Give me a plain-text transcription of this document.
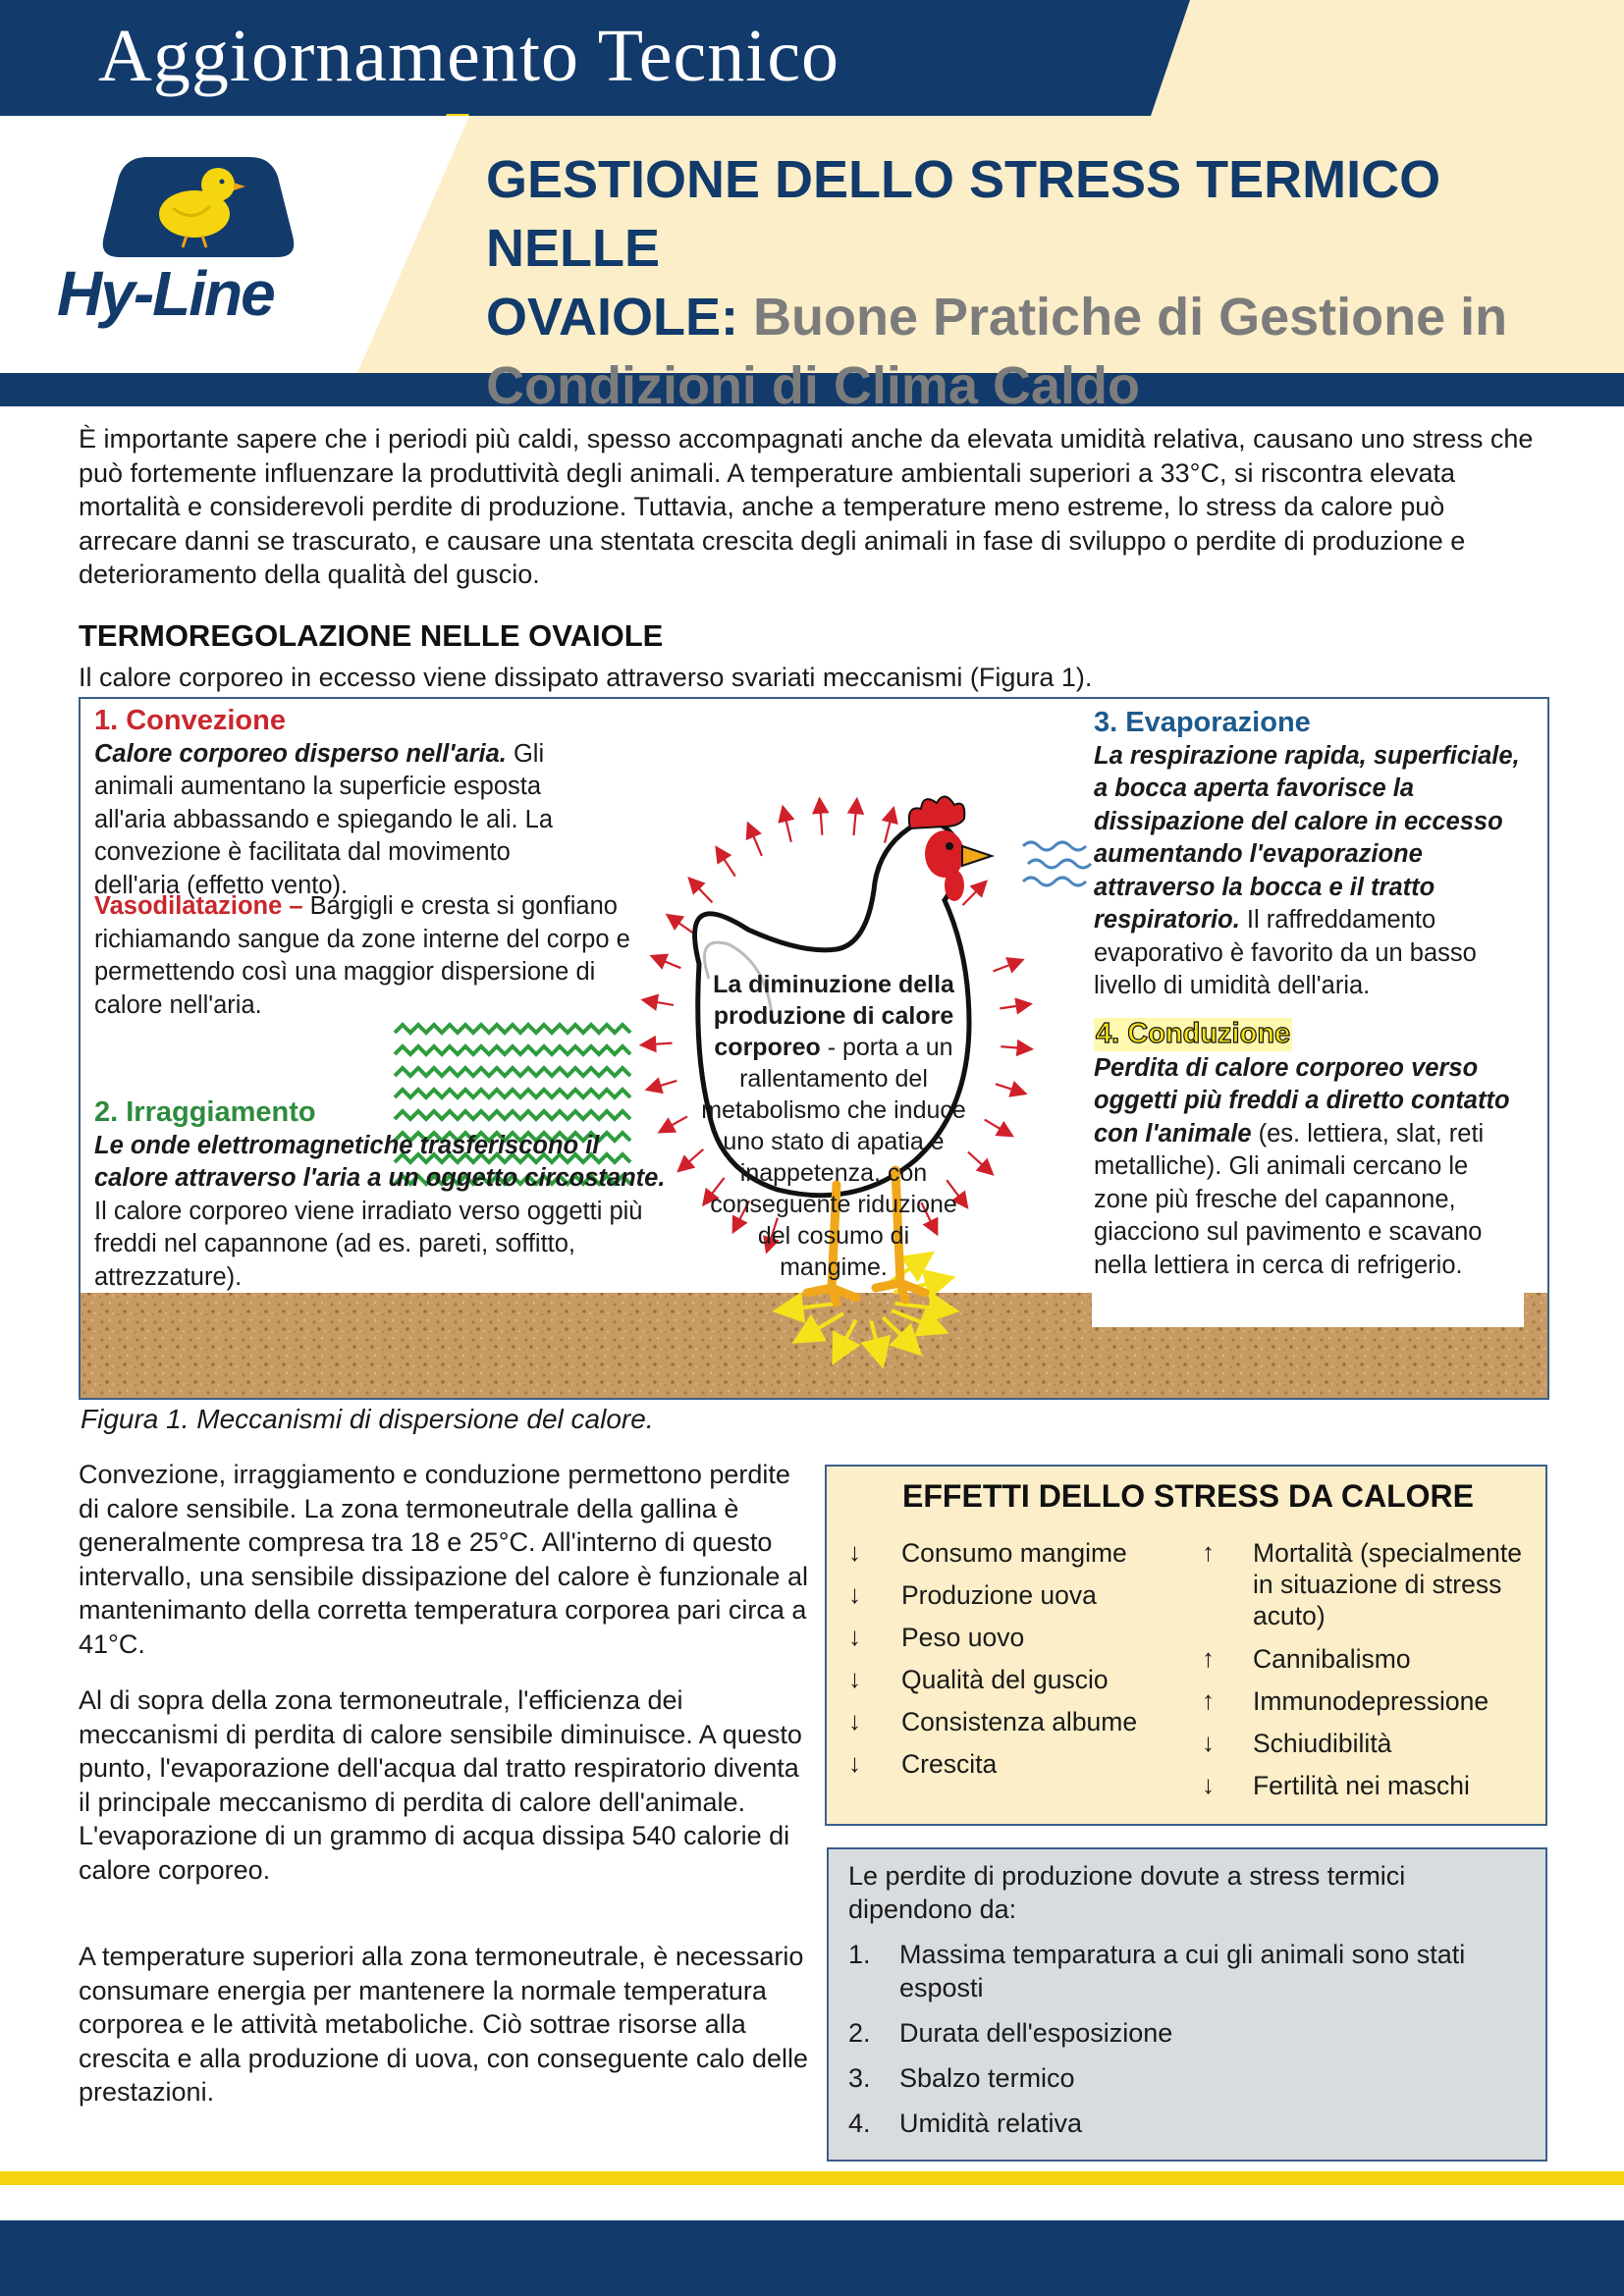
Aggiornamento Tecnico
Hy-Line
GESTIONE DELLO STRESS TERMICO NELLE
OVAIOLE: Buone Pratiche di Gestione in
Condizioni di Clima Caldo
È importante sapere che i periodi più caldi, spesso accompagnati anche da elevata umidità relativa, causano uno stress che può fortemente influenzare la produttività degli animali. A temperature ambientali superiori a 33°C, si riscontra elevata mortalità e considerevoli perdite di produzione. Tuttavia, anche a temperature meno estreme, lo stress da calore può arrecare danni se trascurato, e causare una stentata crescita degli animali in fase di sviluppo o perdite di produzione e deterioramento della qualità del guscio.
TERMOREGOLAZIONE NELLE OVAIOLE
Il calore corporeo in eccesso viene dissipato attraverso svariati meccanismi (Figura 1).
1. Convezione
Calore corporeo disperso nell'aria. Gli animali aumentano la superficie esposta all'aria abbassando e spiegando le ali. La convezione è facilitata dal movimento dell'aria (effetto vento).
Vasodilatazione – Bargigli e cresta si gonfiano richiamando sangue da zone interne del corpo e permettendo così una maggior dispersione di calore nell'aria.
2. Irraggiamento
Le onde elettromagnetiche trasferiscono il calore attraverso l'aria a un oggetto circostante. Il calore corporeo viene irradiato verso oggetti più freddi nel capannone (ad es. pareti, soffitto, attrezzature).
La diminuzione della produzione di calore corporeo - porta a un rallentamento del metabolismo che induce uno stato di apatia e inappetenza, con conseguente riduzione del cosumo di mangime.
3. Evaporazione
La respirazione rapida, superficiale, a bocca aperta favorisce la dissipazione del calore in eccesso aumentando l'evaporazione attraverso la bocca e il tratto respiratorio. Il raffreddamento evaporativo è favorito da un basso livello di umidità dell'aria.
4. Conduzione
Perdita di calore corporeo verso oggetti più freddi a diretto contatto con l'animale (es. lettiera, slat, reti metalliche). Gli animali cercano le zone più fresche del capannone, giacciono sul pavimento e scavano nella lettiera in cerca di refrigerio.
Figura 1. Meccanismi di dispersione del calore.
Convezione, irraggiamento e conduzione permettono perdite di calore sensibile. La zona termoneutrale della gallina è generalmente compresa tra 18 e 25°C. All'interno di questo intervallo, una sensibile dissipazione del calore è funzionale al mantenimanto della corretta temperatura corporea pari circa a 41°C.
Al di sopra della zona termoneutrale, l'efficienza dei meccanismi di perdita di calore sensibile diminuisce. A questo punto, l'evaporazione dell'acqua dal tratto respiratorio diventa il principale meccanismo di perdita di calore dell'animale. L'evaporazione di un grammo di acqua dissipa 540 calorie di calore corporeo.
A temperature superiori alla zona termoneutrale, è necessario consumare energia per mantenere la normale temperatura corporea e le attività metaboliche. Ciò sottrae risorse alla crescita e alla produzione di uova, con conseguente calo delle prestazioni.
EFFETTI DELLO STRESS DA CALORE
↓ Consumo mangime
↓ Produzione uova
↓ Peso uovo
↓ Qualità del guscio
↓ Consistenza albume
↓ Crescita
↑ Mortalità (specialmente in situazione di stress acuto)
↑ Cannibalismo
↑ Immunodepressione
↓ Schiudibilità
↓ Fertilità nei maschi
Le perdite di produzione dovute a stress termici dipendono da:
1. Massima temparatura a cui gli animali sono stati esposti
2. Durata dell'esposizione
3. Sbalzo termico
4. Umidità relativa
